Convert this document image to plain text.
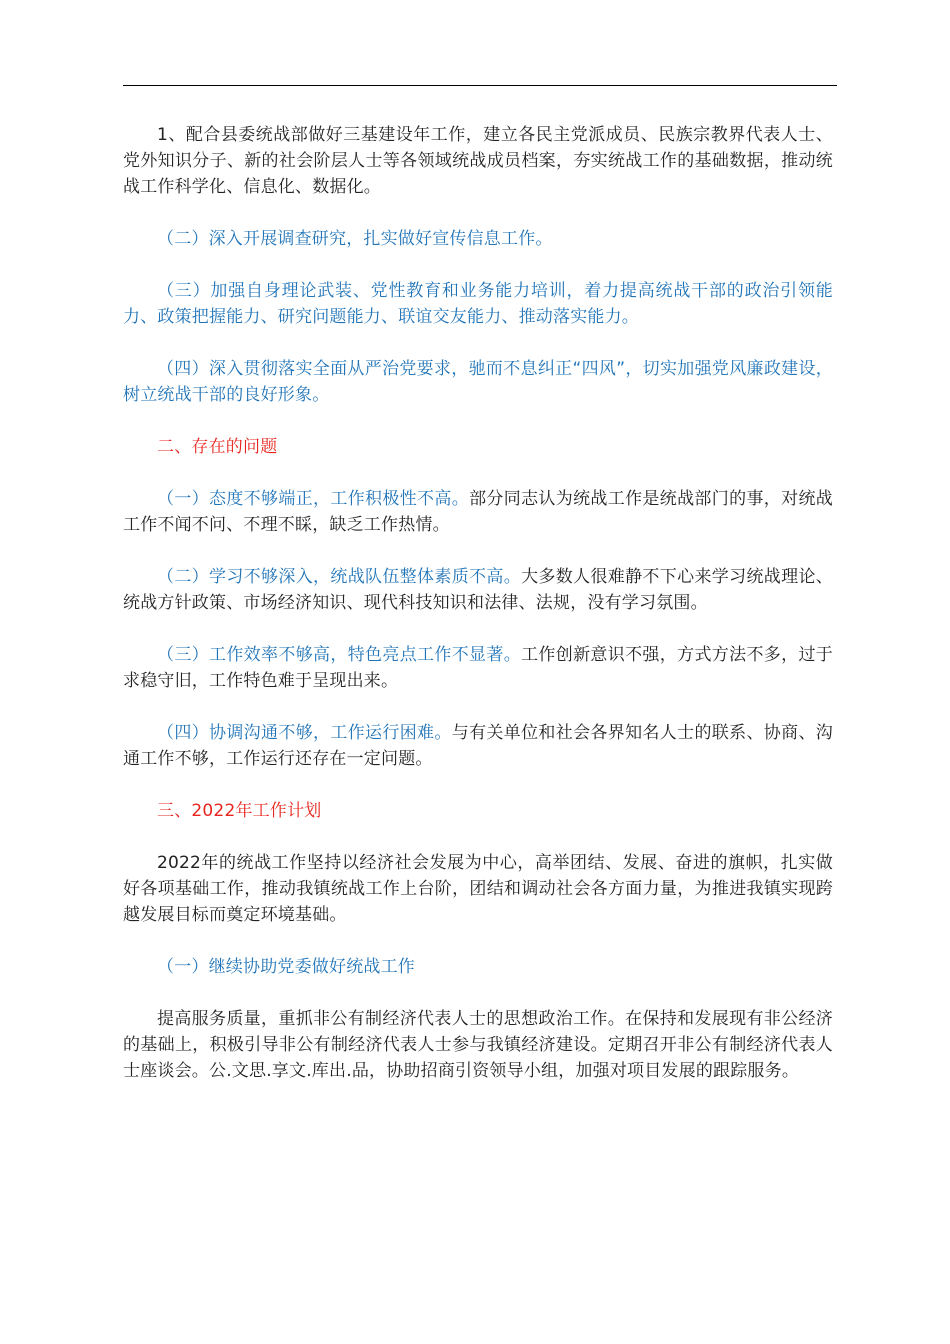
1、配合县委统战部做好三基建设年工作，建立各民主党派成员、民族宗教界代表人士、党外知识分子、新的社会阶层人士等各领域统战成员档案，夯实统战工作的基础数据，推动统战工作科学化、信息化、数据化。

（二）深入开展调查研究，扎实做好宣传信息工作。

（三）加强自身理论武装、党性教育和业务能力培训，着力提高统战干部的政治引领能力、政策把握能力、研究问题能力、联谊交友能力、推动落实能力。

（四）深入贯彻落实全面从严治党要求，驰而不息纠正“四风”，切实加强党风廉政建设，树立统战干部的良好形象。

二、存在的问题

（一）态度不够端正，工作积极性不高。部分同志认为统战工作是统战部门的事，对统战工作不闻不问、不理不睬，缺乏工作热情。

（二）学习不够深入，统战队伍整体素质不高。大多数人很难静不下心来学习统战理论、统战方针政策、市场经济知识、现代科技知识和法律、法规，没有学习氛围。

（三）工作效率不够高，特色亮点工作不显著。工作创新意识不强，方式方法不多，过于求稳守旧，工作特色难于呈现出来。

（四）协调沟通不够，工作运行困难。与有关单位和社会各界知名人士的联系、协商、沟通工作不够，工作运行还存在一定问题。

三、2022年工作计划

2022年的统战工作坚持以经济社会发展为中心，高举团结、发展、奋进的旗帜，扎实做好各项基础工作，推动我镇统战工作上台阶，团结和调动社会各方面力量，为推进我镇实现跨越发展目标而奠定环境基础。

（一）继续协助党委做好统战工作

提高服务质量，重抓非公有制经济代表人士的思想政治工作。在保持和发展现有非公经济的基础上，积极引导非公有制经济代表人士参与我镇经济建设。定期召开非公有制经济代表人士座谈会。公.文思.享文.库出.品，协助招商引资领导小组，加强对项目发展的跟踪服务。
